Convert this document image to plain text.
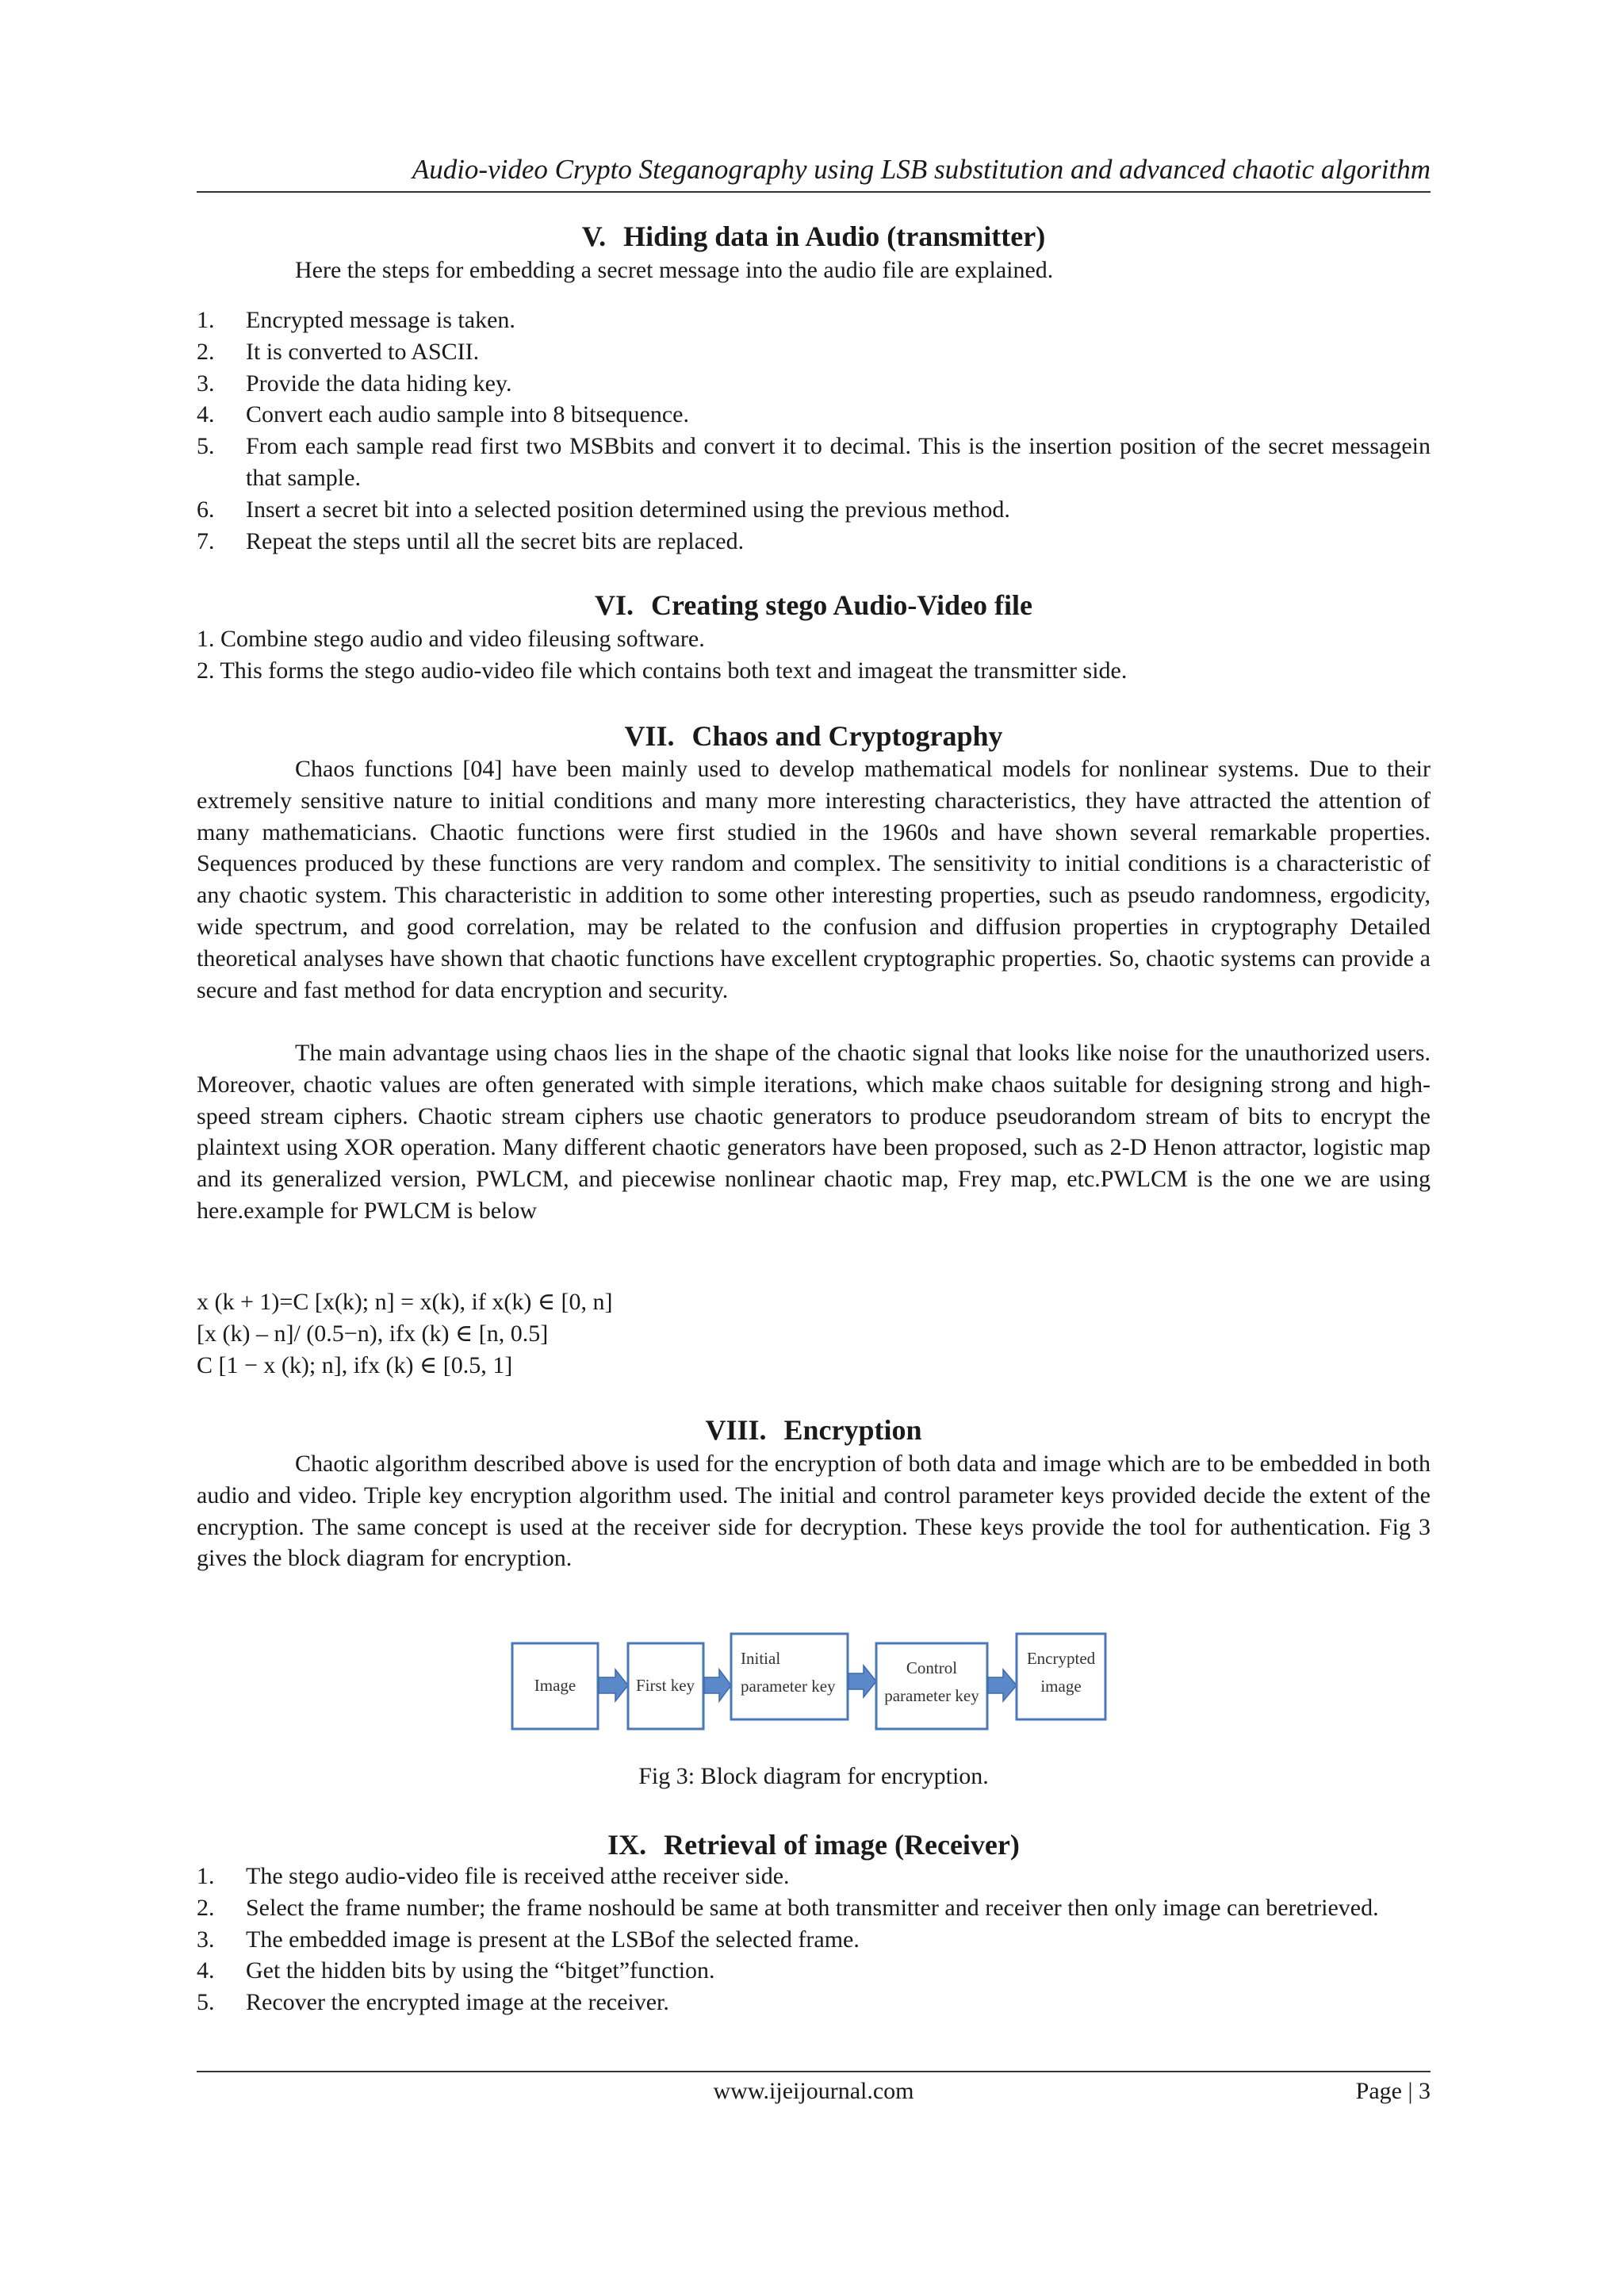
Audio-video Crypto Steganography using LSB substitution and advanced chaotic algorithm
V. Hiding data in Audio (transmitter)
Here the steps for embedding a secret message into the audio file are explained.
1. Encrypted message is taken.
2. It is converted to ASCII.
3. Provide the data hiding key.
4. Convert each audio sample into 8 bitsequence.
5. From each sample read first two MSBbits and convert it to decimal. This is the insertion position of the secret messagein that sample.
6. Insert a secret bit into a selected position determined using the previous method.
7. Repeat the steps until all the secret bits are replaced.
VI. Creating stego Audio-Video file
1. Combine stego audio and video fileusing software.
2. This forms the stego audio-video file which contains both text and imageat the transmitter side.
VII. Chaos and Cryptography

Chaos functions [04] have been mainly used to develop mathematical models for nonlinear systems. Due to their extremely sensitive nature to initial conditions and many more interesting characteristics, they have attracted the attention of many mathematicians. Chaotic functions were first studied in the 1960s and have shown several remarkable properties. Sequences produced by these functions are very random and complex. The sensitivity to initial conditions is a characteristic of any chaotic system. This characteristic in addition to some other interesting properties, such as pseudo randomness, ergodicity, wide spectrum, and good correlation, may be related to the confusion and diffusion properties in cryptography Detailed theoretical analyses have shown that chaotic functions have excellent cryptographic properties. So, chaotic systems can provide a secure and fast method for data encryption and security.

The main advantage using chaos lies in the shape of the chaotic signal that looks like noise for the unauthorized users. Moreover, chaotic values are often generated with simple iterations, which make chaos suitable for designing strong and high-speed stream ciphers. Chaotic stream ciphers use chaotic generators to produce pseudorandom stream of bits to encrypt the plaintext using XOR operation. Many different chaotic generators have been proposed, such as 2-D Henon attractor, logistic map and its generalized version, PWLCM, and piecewise nonlinear chaotic map, Frey map, etc.PWLCM is the one we are using here.example for PWLCM is below

x (k + 1)=C [x(k); n] = x(k), if x(k) ∈ [0, n]
[x (k) – n]/ (0.5−n), ifx (k) ∈ [n, 0.5]
C [1 − x (k); n], ifx (k) ∈ [0.5, 1]
VIII. Encryption

Chaotic algorithm described above is used for the encryption of both data and image which are to be embedded in both audio and video. Triple key encryption algorithm used. The initial and control parameter keys provided decide the extent of the encryption. The same concept is used at the receiver side for decryption. These keys provide the tool for authentication. Fig 3 gives the block diagram for encryption.

Image	First key
Initial
parameter key
Control
parameter key
Encrypted
image
Fig 3: Block diagram for encryption.
IX. Retrieval of image (Receiver)
1. The stego audio-video file is received atthe receiver side.
2. Select the frame number; the frame noshould be same at both transmitter and receiver then only image can beretrieved.
3. The embedded image is present at the LSBof the selected frame.
4. Get the hidden bits by using the “bitget”function.
5. Recover the encrypted image at the receiver.
www.ijeijournal.com	Page | 3
